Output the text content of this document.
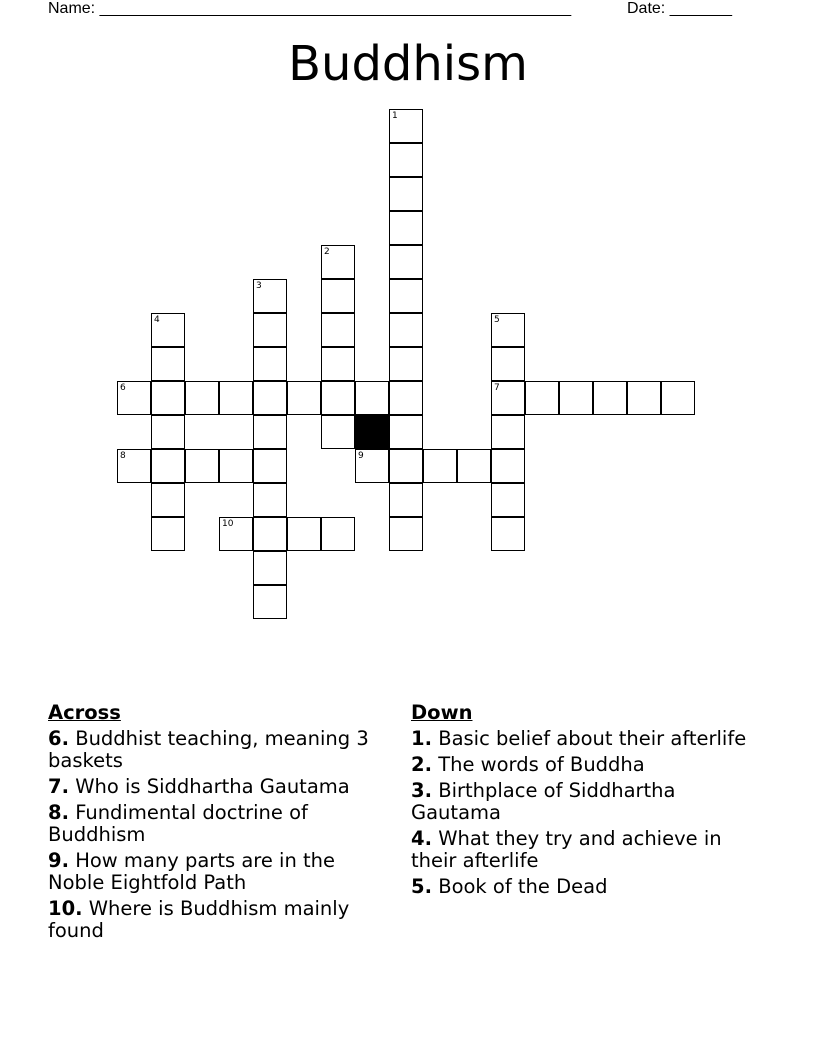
Name: _____________________________________________________	Date: _______
Buddhism
1
2
3
4	5
6	7
8	9
10
Across
6. Buddhist teaching, meaning 3 baskets
7. Who is Siddhartha Gautama
8. Fundimental doctrine of Buddhism
9. How many parts are in the Noble Eightfold Path
10. Where is Buddhism mainly found
Down
1. Basic belief about their afterlife
2. The words of Buddha
3. Birthplace of Siddhartha Gautama
4. What they try and achieve in their afterlife
5. Book of the Dead
